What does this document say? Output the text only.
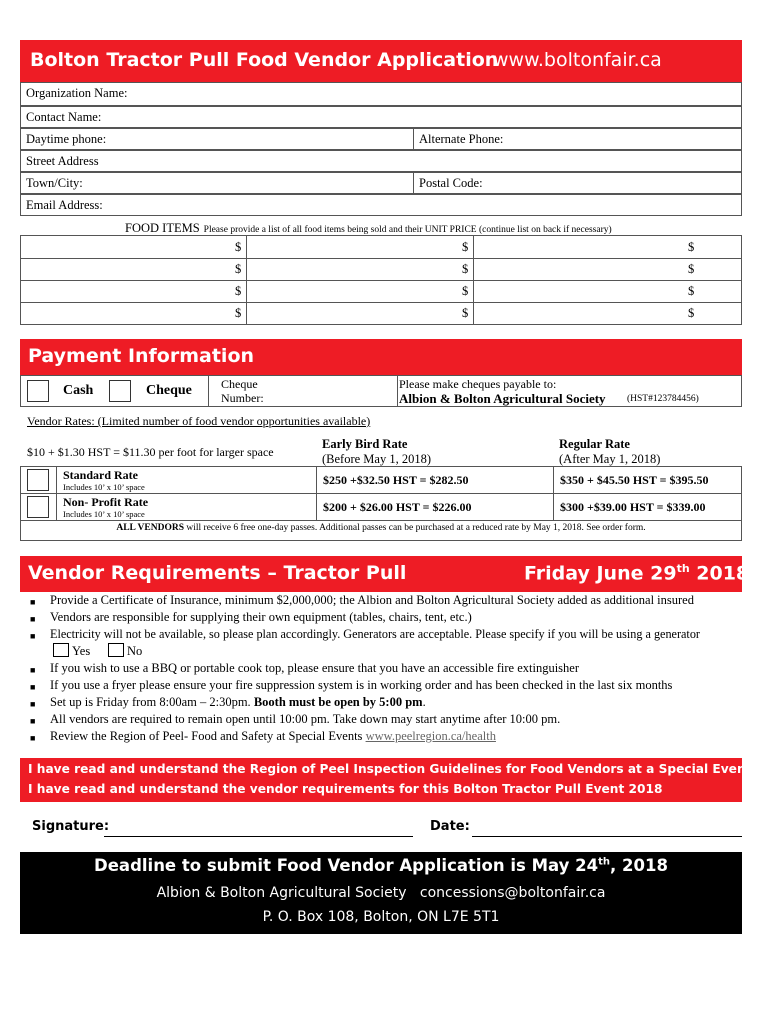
Bolton Tractor Pull Food Vendor Application
www.boltonfair.ca
Organization Name:
Contact Name:
Daytime phone:	Alternate Phone:
Street Address
Town/City:	Postal Code:
Email Address:
FOOD ITEMS Please provide a list of all food items being sold and their UNIT PRICE (continue list on back if necessary)
$	$	$
$	$	$
$	$	$
$	$	$
Payment Information
Cash	Cheque Cheque
Number:
Please make cheques payable to:
Albion & Bolton Agricultural Society (HST#123784456)
Vendor Rates: (Limited number of food vendor opportunities available)
$10 + $1.30 HST = $11.30 per foot for larger space
Early Bird Rate
(Before May 1, 2018)
Regular Rate
(After May 1, 2018)
Standard Rate
Includes 10’ x 10’ space	$250 +$32.50 HST = $282.50	$350 + $45.50 HST = $395.50
Non- Profit Rate
Includes 10’ x 10’ space	$200 + $26.00 HST = $226.00	$300 +$39.00 HST = $339.00
ALL VENDORS will receive 6 free one-day passes. Additional passes can be purchased at a reduced rate by May 1, 2018. See order form.
Vendor Requirements – Tractor Pull	Friday June 29th 2018
■ Provide a Certificate of Insurance, minimum $2,000,000; the Albion and Bolton Agricultural Society added as additional insured
■ Vendors are responsible for supplying their own equipment (tables, chairs, tent, etc.)
■ Electricity will not be available, so please plan accordingly. Generators are acceptable. Please specify if you will be using a generator
Yes	No
■ If you wish to use a BBQ or portable cook top, please ensure that you have an accessible fire extinguisher
■ If you use a fryer please ensure your fire suppression system is in working order and has been checked in the last six months
■ Set up is Friday from 8:00am – 2:30pm. Booth must be open by 5:00 pm.
■ All vendors are required to remain open until 10:00 pm. Take down may start anytime after 10:00 pm.
■ Review the Region of Peel- Food and Safety at Special Events www.peelregion.ca/health
I have read and understand the Region of Peel Inspection Guidelines for Food Vendors at a Special Event.
I have read and understand the vendor requirements for this Bolton Tractor Pull Event 2018
Signature:	Date:
Deadline to submit Food Vendor Application is May 24th, 2018
Albion & Bolton Agricultural Society   concessions@boltonfair.ca
P. O. Box 108, Bolton, ON L7E 5T1
